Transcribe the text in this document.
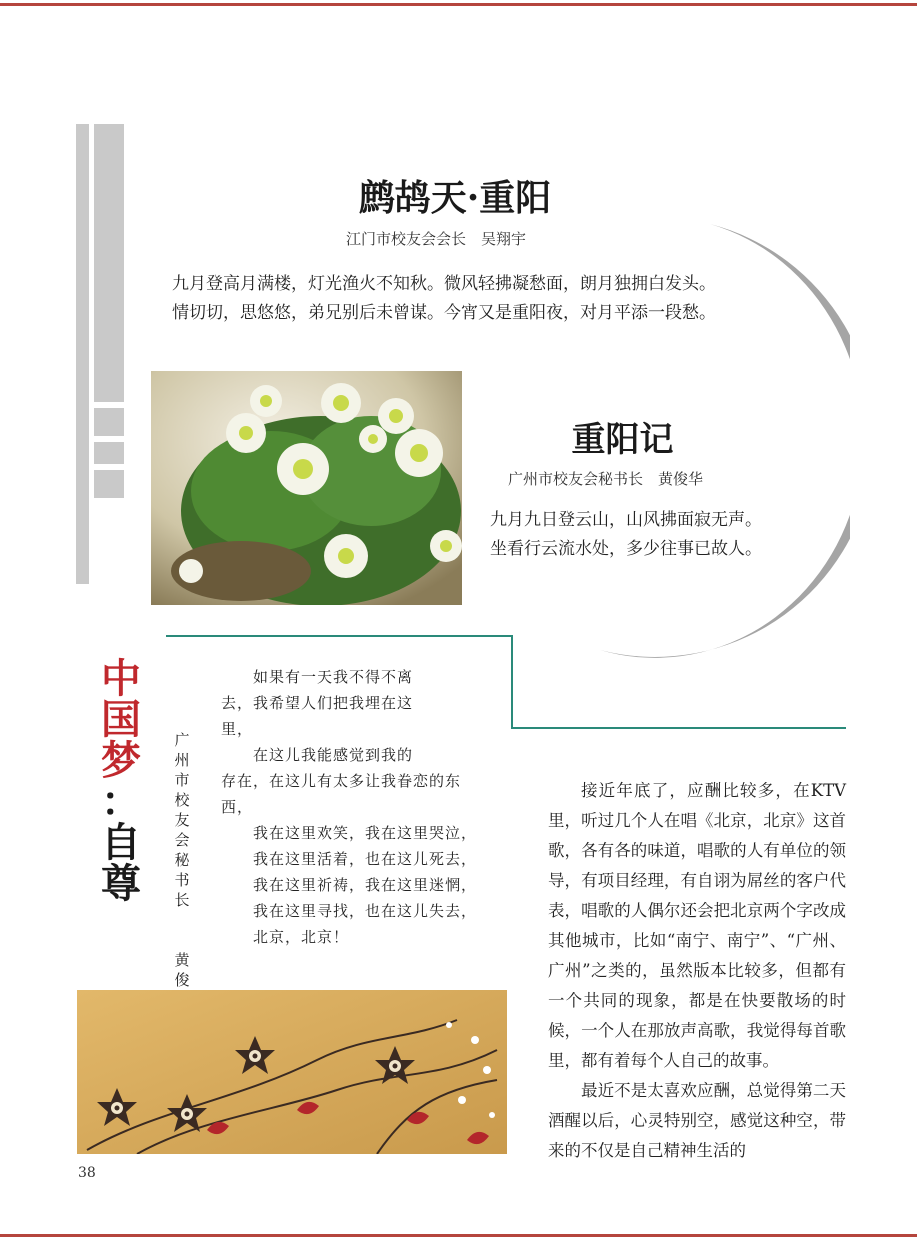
鹧鸪天·重阳
江门市校友会会长　吴翔宇
九月登高月满楼，灯光渔火不知秋。微风轻拂凝愁面，朗月独拥白发头。
情切切，思悠悠，弟兄别后未曾谋。今宵又是重阳夜，对月平添一段愁。
重阳记
广州市校友会秘书长　黄俊华
九月九日登云山，山风拂面寂无声。
坐看行云流水处，多少往事已故人。
中
国
梦
：
自
尊
广
州
市
校
友
会
秘
书
长
黄
俊
　　如果有一天我不得不离
去，我希望人们把我埋在这
里，
　　在这儿我能感觉到我的
存在，在这儿有太多让我眷恋的东
西，
　　我在这里欢笑，我在这里哭泣，
　　我在这里活着，也在这儿死去，
　　我在这里祈祷，我在这里迷惘，
　　我在这里寻找，也在这儿失去，
　　北京，北京！

接近年底了，应酬比较多，在KTV里，听过几个人在唱《北京，北京》这首歌，各有各的味道，唱歌的人有单位的领导，有项目经理，有自诩为屌丝的客户代表，唱歌的人偶尔还会把北京两个字改成其他城市，比如“南宁、南宁”、“广州、广州”之类的，虽然版本比较多，但都有一个共同的现象，都是在快要散场的时候，一个人在那放声高歌，我觉得每首歌里，都有着每个人自己的故事。

最近不是太喜欢应酬，总觉得第二天酒醒以后，心灵特别空，感觉这种空，带来的不仅是自己精神生活的

38
